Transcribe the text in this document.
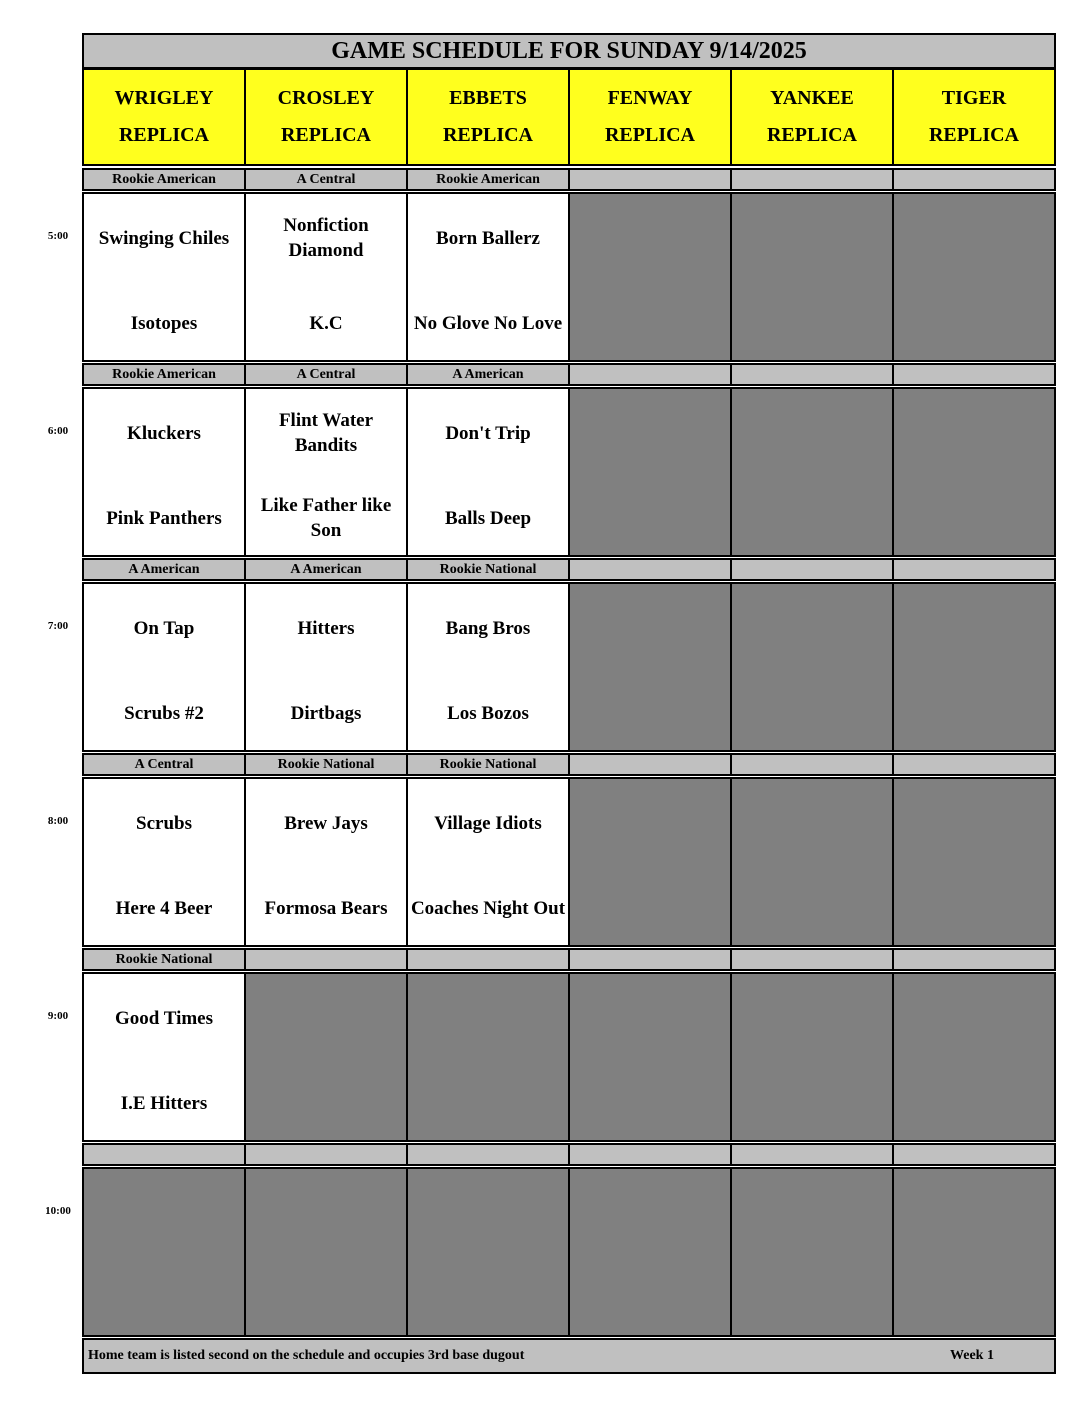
GAME SCHEDULE FOR SUNDAY 9/14/2025
WRIGLEY
REPLICA
CROSLEY
REPLICA
EBBETS
REPLICA
FENWAY
REPLICA
YANKEE
REPLICA
TIGER
REPLICA
Rookie American
Swinging Chiles
Isotopes
A Central
Nonfiction Diamond
K.C
Rookie American
Born Ballerz
No Glove No Love
Rookie American
Kluckers
Pink Panthers
A Central
Flint Water Bandits
Like Father like Son
A American
Don't Trip
Balls Deep
A American
On Tap
Scrubs #2
A American
Hitters
Dirtbags
Rookie National
Bang Bros
Los Bozos
A Central
Scrubs
Here 4 Beer
Rookie National
Brew Jays
Formosa Bears
Rookie National
Village Idiots
Coaches Night Out
Rookie National
Good Times
I.E Hitters
Home team is listed second on the schedule and occupies 3rd base dugout	Week 1
5:00
6:00
7:00
8:00
9:00
10:00
